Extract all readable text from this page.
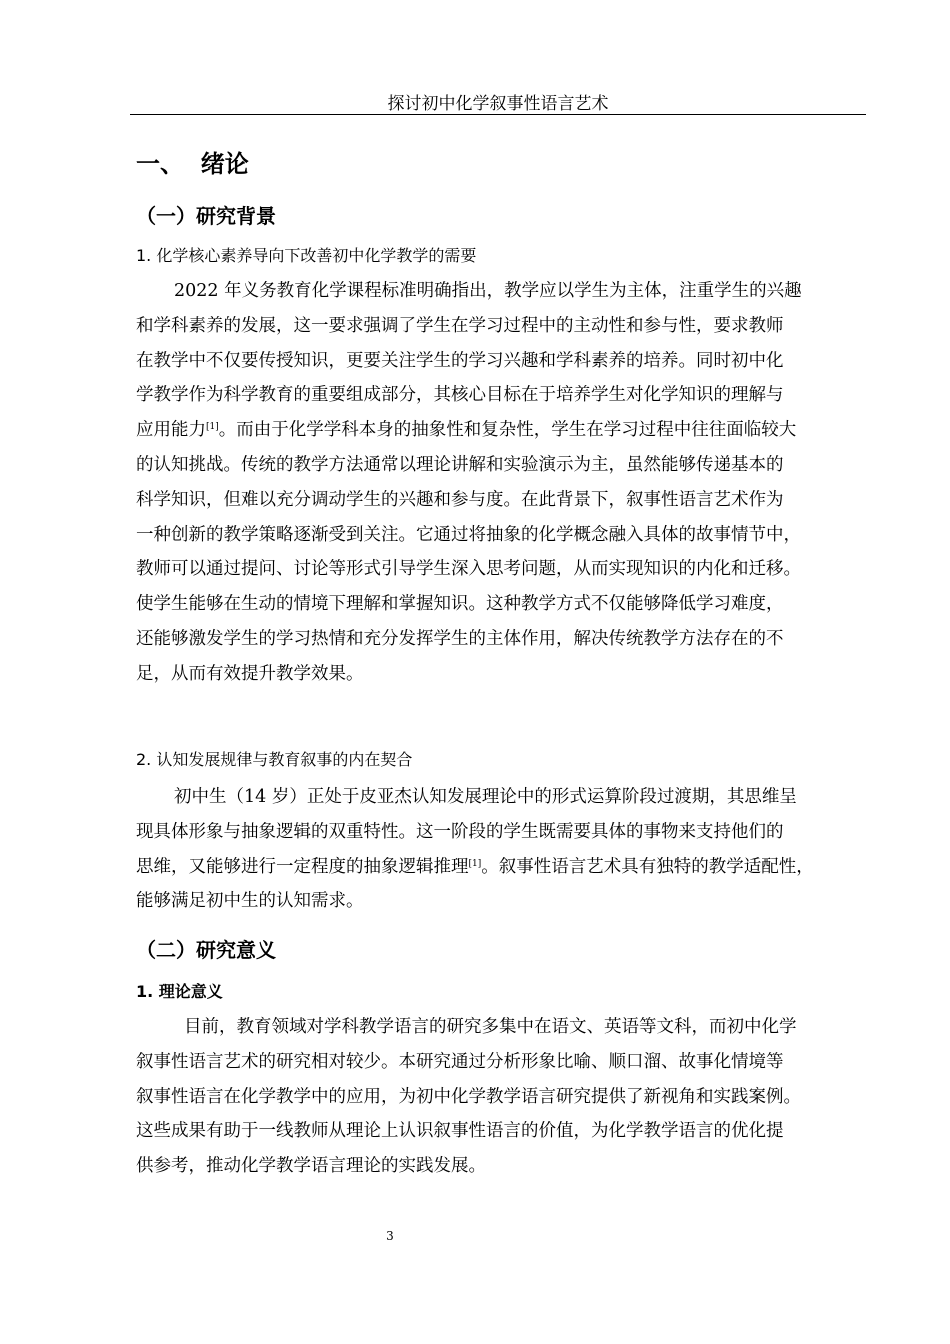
探讨初中化学叙事性语言艺术
一、  绪论
（一）研究背景
1. 化学核心素养导向下改善初中化学教学的需要

2022 年义务教育化学课程标准明确指出，教学应以学生为主体，注重学生的兴趣

和学科素养的发展，这一要求强调了学生在学习过程中的主动性和参与性，要求教师

在教学中不仅要传授知识，更要关注学生的学习兴趣和学科素养的培养。同时初中化

学教学作为科学教育的重要组成部分，其核心目标在于培养学生对化学知识的理解与

应用能力[1]。而由于化学学科本身的抽象性和复杂性，学生在学习过程中往往面临较大

的认知挑战。传统的教学方法通常以理论讲解和实验演示为主，虽然能够传递基本的

科学知识，但难以充分调动学生的兴趣和参与度。在此背景下，叙事性语言艺术作为

一种创新的教学策略逐渐受到关注。它通过将抽象的化学概念融入具体的故事情节中，

教师可以通过提问、讨论等形式引导学生深入思考问题，从而实现知识的内化和迁移。

使学生能够在生动的情境下理解和掌握知识。这种教学方式不仅能够降低学习难度，

还能够激发学生的学习热情和充分发挥学生的主体作用，解决传统教学方法存在的不

足，从而有效提升教学效果。

2. 认知发展规律与教育叙事的内在契合

初中生（14 岁）正处于皮亚杰认知发展理论中的形式运算阶段过渡期，其思维呈

现具体形象与抽象逻辑的双重特性。这一阶段的学生既需要具体的事物来支持他们的

思维，又能够进行一定程度的抽象逻辑推理[1]。叙事性语言艺术具有独特的教学适配性，

能够满足初中生的认知需求。

（二）研究意义
1. 理论意义

目前，教育领域对学科教学语言的研究多集中在语文、英语等文科，而初中化学

叙事性语言艺术的研究相对较少。本研究通过分析形象比喻、顺口溜、故事化情境等

叙事性语言在化学教学中的应用，为初中化学教学语言研究提供了新视角和实践案例。

这些成果有助于一线教师从理论上认识叙事性语言的价值，为化学教学语言的优化提

供参考，推动化学教学语言理论的实践发展。

3
